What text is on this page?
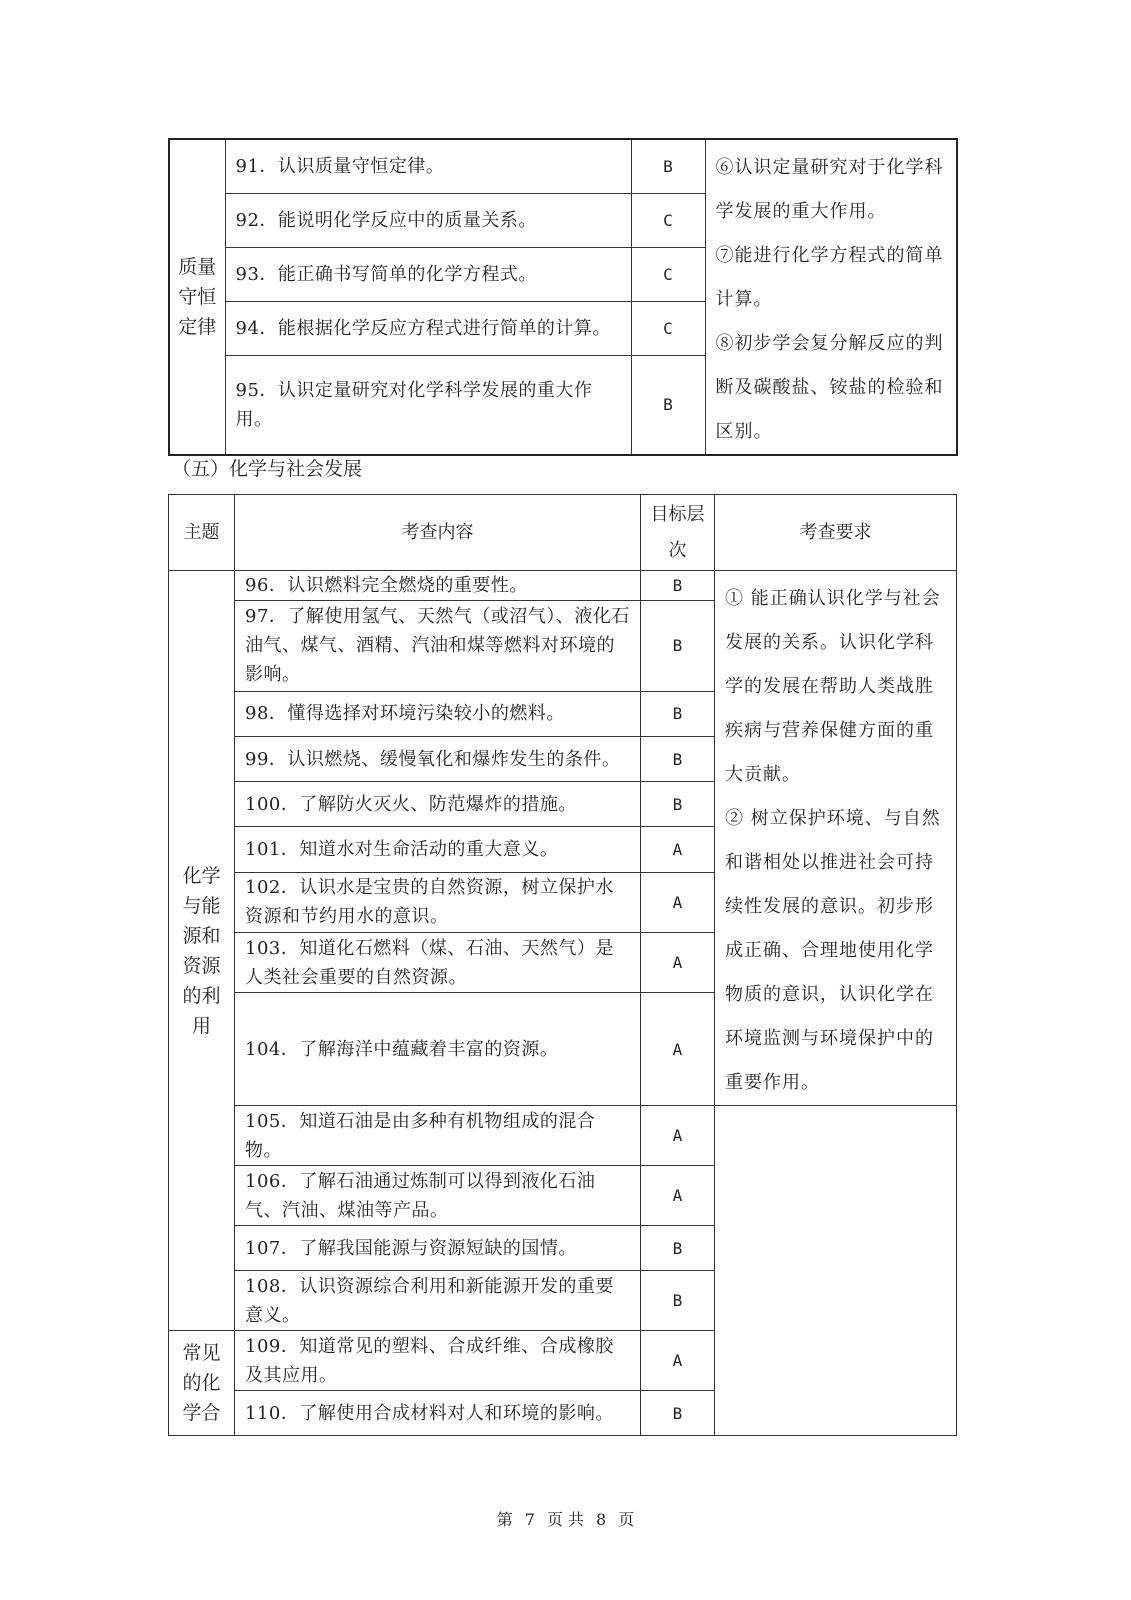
质量守恒定律	91．认识质量守恒定律。	B	⑥认识定量研究对于化学科学发展的重大作用。

⑦能进行化学方程式的简单计算。

⑧初步学会复分解反应的判断及碳酸盐、铵盐的检验和区别。

	92．能说明化学反应中的质量关系。	C	
	93．能正确书写简单的化学方程式。	C	
	94．能根据化学反应方程式进行简单的计算。	C	
	95．认识定量研究对化学科学发展的重大作用。	B	
（五）化学与社会发展
主题	考查内容	目标层次	考查要求
化学与能源和资源的利用	96．认识燃料完全燃烧的重要性。	B	① 能正确认识化学与社会发展的关系。认识化学科学的发展在帮助人类战胜疾病与营养保健方面的重大贡献。

② 树立保护环境、与自然和谐相处以推进社会可持续性发展的意识。初步形成正确、合理地使用化学物质的意识，认识化学在环境监测与环境保护中的重要作用。

	97．了解使用氢气、天然气（或沼气）、液化石油气、煤气、酒精、汽油和煤等燃料对环境的影响。	B	
	98．懂得选择对环境污染较小的燃料。	B	
	99．认识燃烧、缓慢氧化和爆炸发生的条件。	B	
	100．了解防火灭火、防范爆炸的措施。	B	
	101．知道水对生命活动的重大意义。	A	
	102．认识水是宝贵的自然资源，树立保护水资源和节约用水的意识。	A	
	103．知道化石燃料（煤、石油、天然气）是人类社会重要的自然资源。	A	
	104．了解海洋中蕴藏着丰富的资源。	A	
	105．知道石油是由多种有机物组成的混合物。	A	
	106．了解石油通过炼制可以得到液化石油气、汽油、煤油等产品。	A	
	107．了解我国能源与资源短缺的国情。	B	
	108．认识资源综合利用和新能源开发的重要意义。	B	
常见的化学合	109．知道常见的塑料、合成纤维、合成橡胶及其应用。	A	
	110．了解使用合成材料对人和环境的影响。	B	
第 7 页 共 8 页
